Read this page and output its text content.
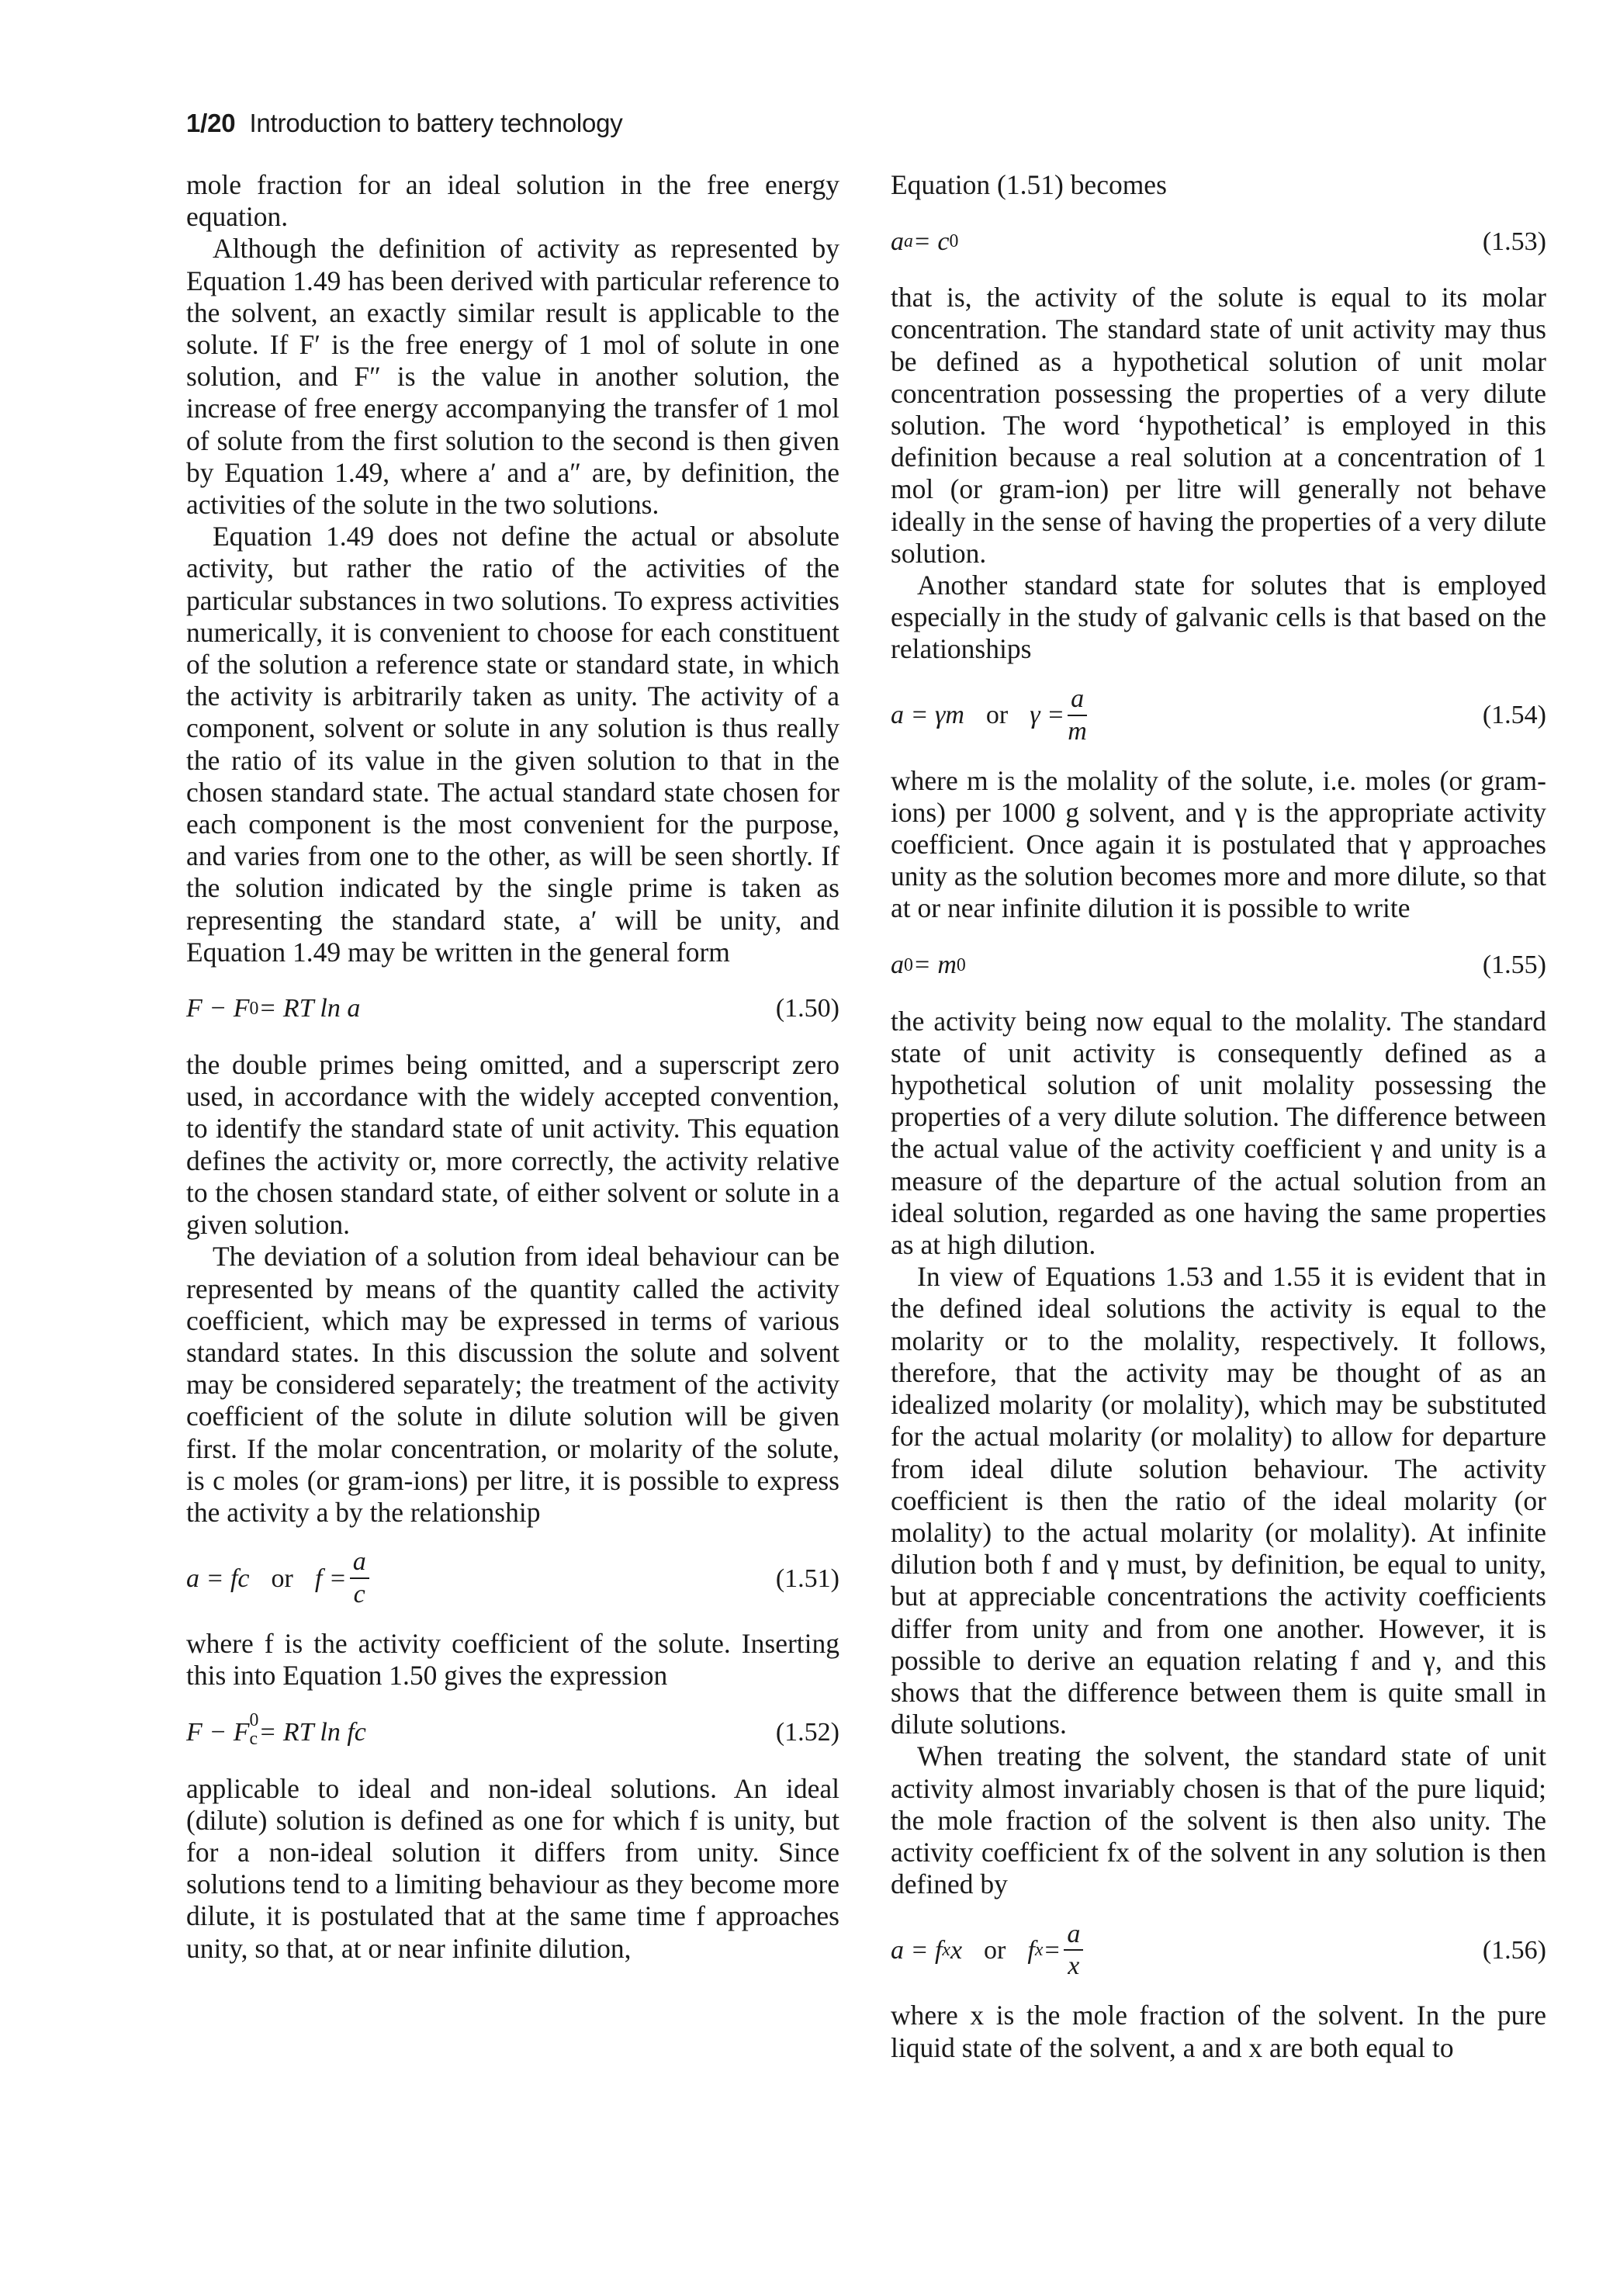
1/20 Introduction to battery technology

mole fraction for an ideal solution in the free energy equation.

Although the definition of activity as represented by Equation 1.49 has been derived with particular reference to the solvent, an exactly similar result is applicable to the solute. If F′ is the free energy of 1 mol of solute in one solution, and F″ is the value in another solution, the increase of free energy accompanying the transfer of 1 mol of solute from the first solution to the second is then given by Equation 1.49, where a′ and a″ are, by definition, the activities of the solute in the two solutions.

Equation 1.49 does not define the actual or absolute activity, but rather the ratio of the activities of the particular substances in two solutions. To express activities numerically, it is convenient to choose for each constituent of the solution a reference state or standard state, in which the activity is arbitrarily taken as unity. The activity of a component, solvent or solute in any solution is thus really the ratio of its value in the given solution to that in the chosen standard state. The actual standard state chosen for each component is the most convenient for the purpose, and varies from one to the other, as will be seen shortly. If the solution indicated by the single prime is taken as representing the standard state, a′ will be unity, and Equation 1.49 may be written in the general form

F − F 0 = RT ln a	(1.50)

the double primes being omitted, and a superscript zero used, in accordance with the widely accepted convention, to identify the standard state of unit activity. This equation defines the activity or, more correctly, the activity relative to the chosen standard state, of either solvent or solute in a given solution.

The deviation of a solution from ideal behaviour can be represented by means of the quantity called the activity coefficient, which may be expressed in terms of various standard states. In this discussion the solute and solvent may be considered separately; the treatment of the activity coefficient of the solute in dilute solution will be given first. If the molar concentration, or molarity of the solute, is c moles (or gram-ions) per litre, it is possible to express the activity a by the relationship

a = fc or $f = \frac{a}{c}$	(1.51)

where f is the activity coefficient of the solute. Inserting this into Equation 1.50 gives the expression

F − F 0
c = RT ln fc	(1.52)

applicable to ideal and non-ideal solutions. An ideal (dilute) solution is defined as one for which f is unity, but for a non-ideal solution it differs from unity. Since solutions tend to a limiting behaviour as they become more dilute, it is postulated that at the same time f approaches unity, so that, at or near infinite dilution,

Equation (1.51) becomes

a a = c 0	(1.53)

that is, the activity of the solute is equal to its molar concentration. The standard state of unit activity may thus be defined as a hypothetical solution of unit molar concentration possessing the properties of a very dilute solution. The word ‘hypothetical’ is employed in this definition because a real solution at a concentration of 1 mol (or gram-ion) per litre will generally not behave ideally in the sense of having the properties of a very dilute solution.

Another standard state for solutes that is employed especially in the study of galvanic cells is that based on the relationships

a = γm or $\gamma = \frac{a}{m}$	(1.54)

where m is the molality of the solute, i.e. moles (or gram-ions) per 1000 g solvent, and γ is the appropriate activity coefficient. Once again it is postulated that γ approaches unity as the solution becomes more and more dilute, so that at or near infinite dilution it is possible to write

a 0 = m 0	(1.55)

the activity being now equal to the molality. The standard state of unit activity is consequently defined as a hypothetical solution of unit molality possessing the properties of a very dilute solution. The difference between the actual value of the activity coefficient γ and unity is a measure of the departure of the actual solution from an ideal solution, regarded as one having the same properties as at high dilution.

In view of Equations 1.53 and 1.55 it is evident that in the defined ideal solutions the activity is equal to the molarity or to the molality, respectively. It follows, therefore, that the activity may be thought of as an idealized molarity (or molality), which may be substituted for the actual molarity (or molality) to allow for departure from ideal dilute solution behaviour. The activity coefficient is then the ratio of the ideal molarity (or molality) to the actual molarity (or molality). At infinite dilution both f and γ must, by definition, be equal to unity, but at appreciable concentrations the activity coefficients differ from unity and from one another. However, it is possible to derive an equation relating f and γ, and this shows that the difference between them is quite small in dilute solutions.

When treating the solvent, the standard state of unit activity almost invariably chosen is that of the pure liquid; the mole fraction of the solvent is then also unity. The activity coefficient fx of the solvent in any solution is then defined by

a = f x x or f $x = \frac{a}{x}$	(1.56)

where x is the mole fraction of the solvent. In the pure liquid state of the solvent, a and x are both equal to
